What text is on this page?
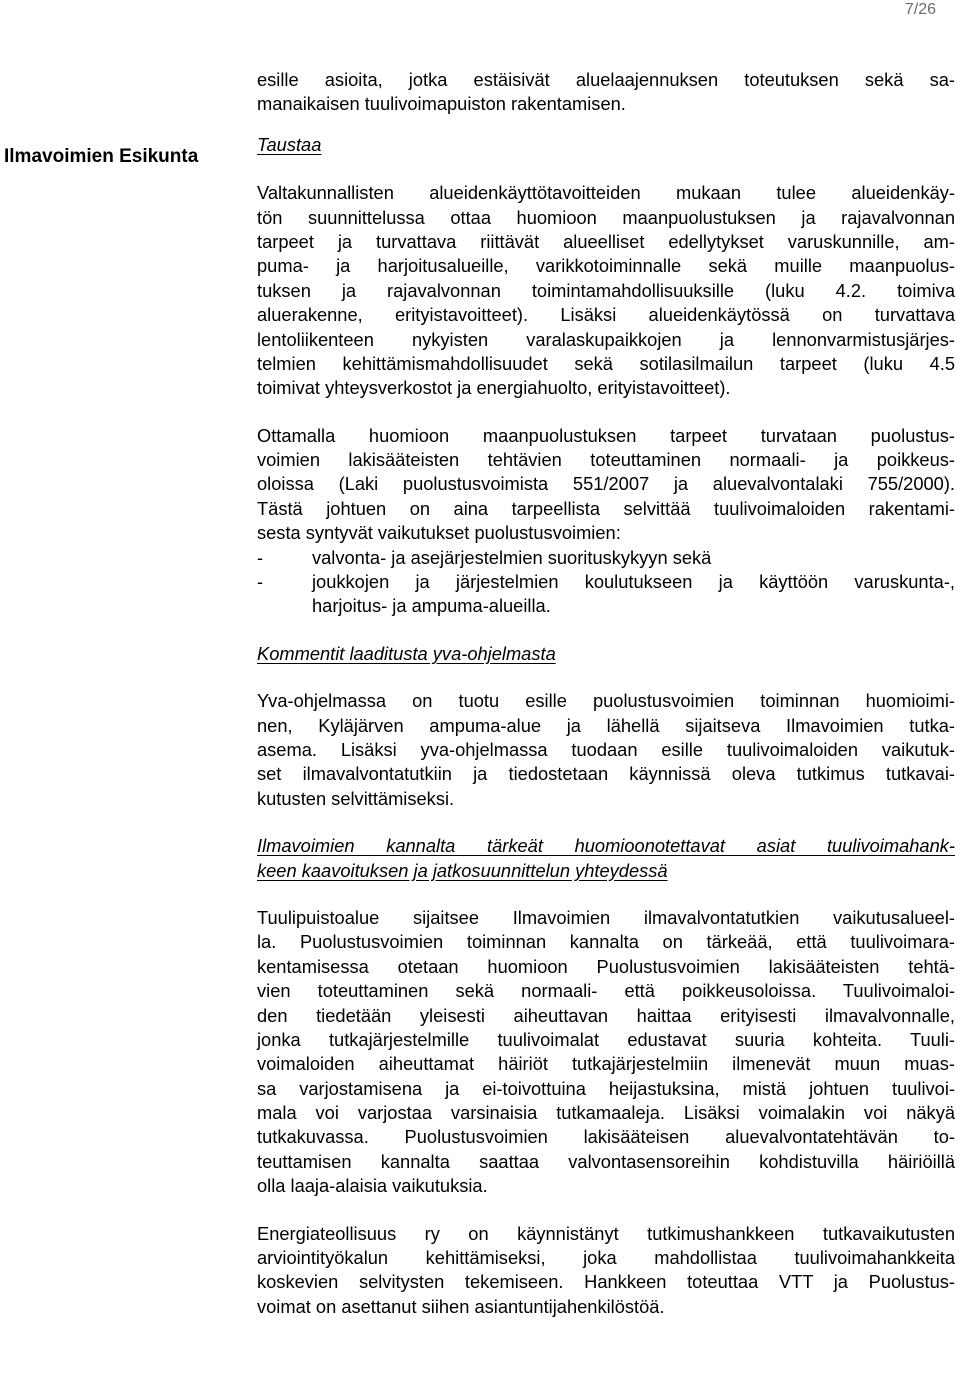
7/26
Ilmavoimien Esikunta
esille asioita, jotka estäisivät aluelaajennuksen toteutuksen sekä sa-
manaikaisen tuulivoimapuiston rakentamisen.
Taustaa
Valtakunnallisten alueidenkäyttötavoitteiden mukaan tulee alueidenkäy-
tön suunnittelussa ottaa huomioon maanpuolustuksen ja rajavalvonnan
tarpeet ja turvattava riittävät alueelliset edellytykset varuskunnille, am-
puma- ja harjoitusalueille, varikkotoiminnalle sekä muille maanpuolus-
tuksen ja rajavalvonnan toimintamahdollisuuksille (luku 4.2. toimiva
aluerakenne, erityistavoitteet). Lisäksi alueidenkäytössä on turvattava
lentoliikenteen nykyisten varalaskupaikkojen ja lennonvarmistusjärjes-
telmien kehittämismahdollisuudet sekä sotilasilmailun tarpeet (luku 4.5
toimivat yhteysverkostot ja energiahuolto, erityistavoitteet).
Ottamalla huomioon maanpuolustuksen tarpeet turvataan puolustus-
voimien lakisääteisten tehtävien toteuttaminen normaali- ja poikkeus-
oloissa (Laki puolustusvoimista 551/2007 ja aluevalvontalaki 755/2000).
Tästä johtuen on aina tarpeellista selvittää tuulivoimaloiden rakentami-
sesta syntyvät vaikutukset puolustusvoimien:
-	valvonta- ja asejärjestelmien suorituskykyyn sekä
-	joukkojen ja järjestelmien koulutukseen ja käyttöön varuskunta-,
harjoitus- ja ampuma-alueilla.
Kommentit laaditusta yva-ohjelmasta
Yva-ohjelmassa on tuotu esille puolustusvoimien toiminnan huomioimi-
nen, Kyläjärven ampuma-alue ja lähellä sijaitseva Ilmavoimien tutka-
asema. Lisäksi yva-ohjelmassa tuodaan esille tuulivoimaloiden vaikutuk-
set ilmavalvontatutkiin ja tiedostetaan käynnissä oleva tutkimus tutkavai-
kutusten selvittämiseksi.
Ilmavoimien kannalta tärkeät huomioonotettavat asiat tuulivoimahank-
keen kaavoituksen ja jatkosuunnittelun yhteydessä
Tuulipuistoalue sijaitsee Ilmavoimien ilmavalvontatutkien vaikutusalueel-
la. Puolustusvoimien toiminnan kannalta on tärkeää, että tuulivoimara-
kentamisessa otetaan huomioon Puolustusvoimien lakisääteisten tehtä-
vien toteuttaminen sekä normaali- että poikkeusoloissa. Tuulivoimaloi-
den tiedetään yleisesti aiheuttavan haittaa erityisesti ilmavalvonnalle,
jonka tutkajärjestelmille tuulivoimalat edustavat suuria kohteita. Tuuli-
voimaloiden aiheuttamat häiriöt tutkajärjestelmiin ilmenevät muun muas-
sa varjostamisena ja ei-toivottuina heijastuksina, mistä johtuen tuulivoi-
mala voi varjostaa varsinaisia tutkamaaleja. Lisäksi voimalakin voi näkyä
tutkakuvassa. Puolustusvoimien lakisääteisen aluevalvontatehtävän to-
teuttamisen kannalta saattaa valvontasensoreihin kohdistuvilla häiriöillä
olla laaja-alaisia vaikutuksia.
Energiateollisuus ry on käynnistänyt tutkimushankkeen tutkavaikutusten
arviointityökalun kehittämiseksi, joka mahdollistaa tuulivoimahankkeita
koskevien selvitysten tekemiseen. Hankkeen toteuttaa VTT ja Puolustus-
voimat on asettanut siihen asiantuntijahenkilöstöä.
